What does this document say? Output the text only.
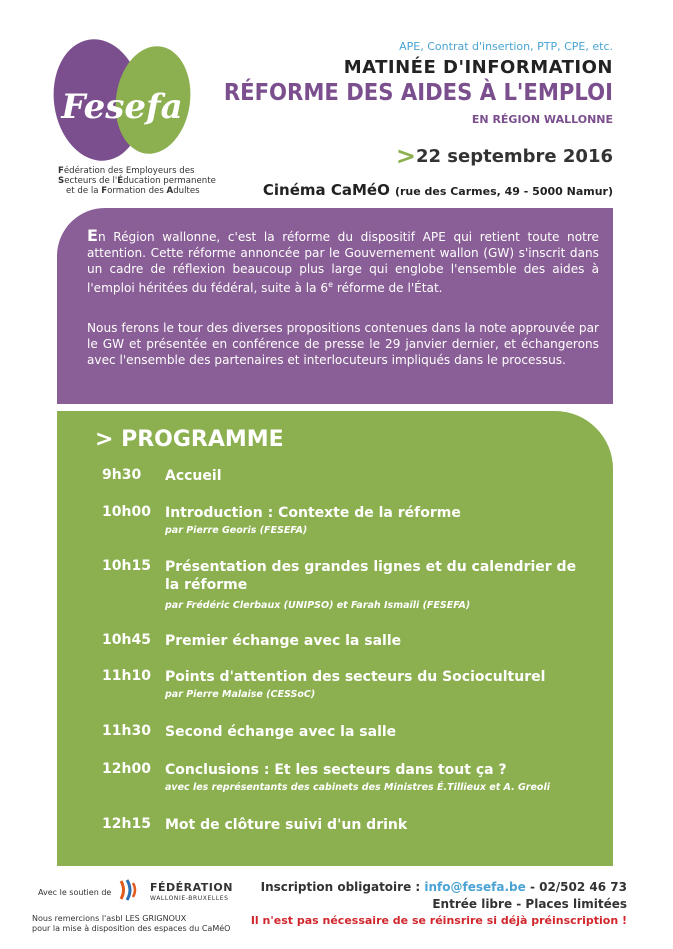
Fesefa
Fédération des Employeurs des
Secteurs de l'Éducation permanente
et de la Formation des Adultes
APE, Contrat d'insertion, PTP, CPE, etc.
MATINÉE D'INFORMATION
RÉFORME DES AIDES À L'EMPLOI
EN RÉGION WALLONNE
>22 septembre 2016
Cinéma CaMéO (rue des Carmes, 49 - 5000 Namur)

En Région wallonne, c'est la réforme du dispositif APE qui retient toute notre attention. Cette réforme annoncée par le Gouvernement wallon (GW) s'inscrit dans un cadre de réflexion beaucoup plus large qui englobe l'ensemble des aides à l'emploi héritées du fédéral, suite à la 6e réforme de l'État.

Nous ferons le tour des diverses propositions contenues dans la note approuvée par le GW et présentée en conférence de presse le 29 janvier dernier, et échangerons avec l'ensemble des partenaires et interlocuteurs impliqués dans le processus.

> PROGRAMME
9h30 Accueil
10h00 Introduction : Contexte de la réforme
par Pierre Georis (FESEFA)
10h15 Présentation des grandes lignes et du calendrier de la réforme
par Frédéric Clerbaux (UNIPSO) et Farah Ismaïli (FESEFA)
10h45 Premier échange avec la salle
11h10 Points d'attention des secteurs du Socioculturel
par Pierre Malaise (CESSoC)
11h30 Second échange avec la salle
12h00 Conclusions : Et les secteurs dans tout ça ?
avec les représentants des cabinets des Ministres É.Tillieux et A. Greoli
12h15 Mot de clôture suivi d'un drink
Avec le soutien de	FÉDÉRATION
WALLONIE-BRUXELLES
Nous remercions l'asbl LES GRIGNOUX
pour la mise à disposition des espaces du CaMéO
Inscription obligatoire : info@fesefa.be - 02/502 46 73
Entrée libre - Places limitées
Il n'est pas nécessaire de se réinsrire si déjà préinscription !
